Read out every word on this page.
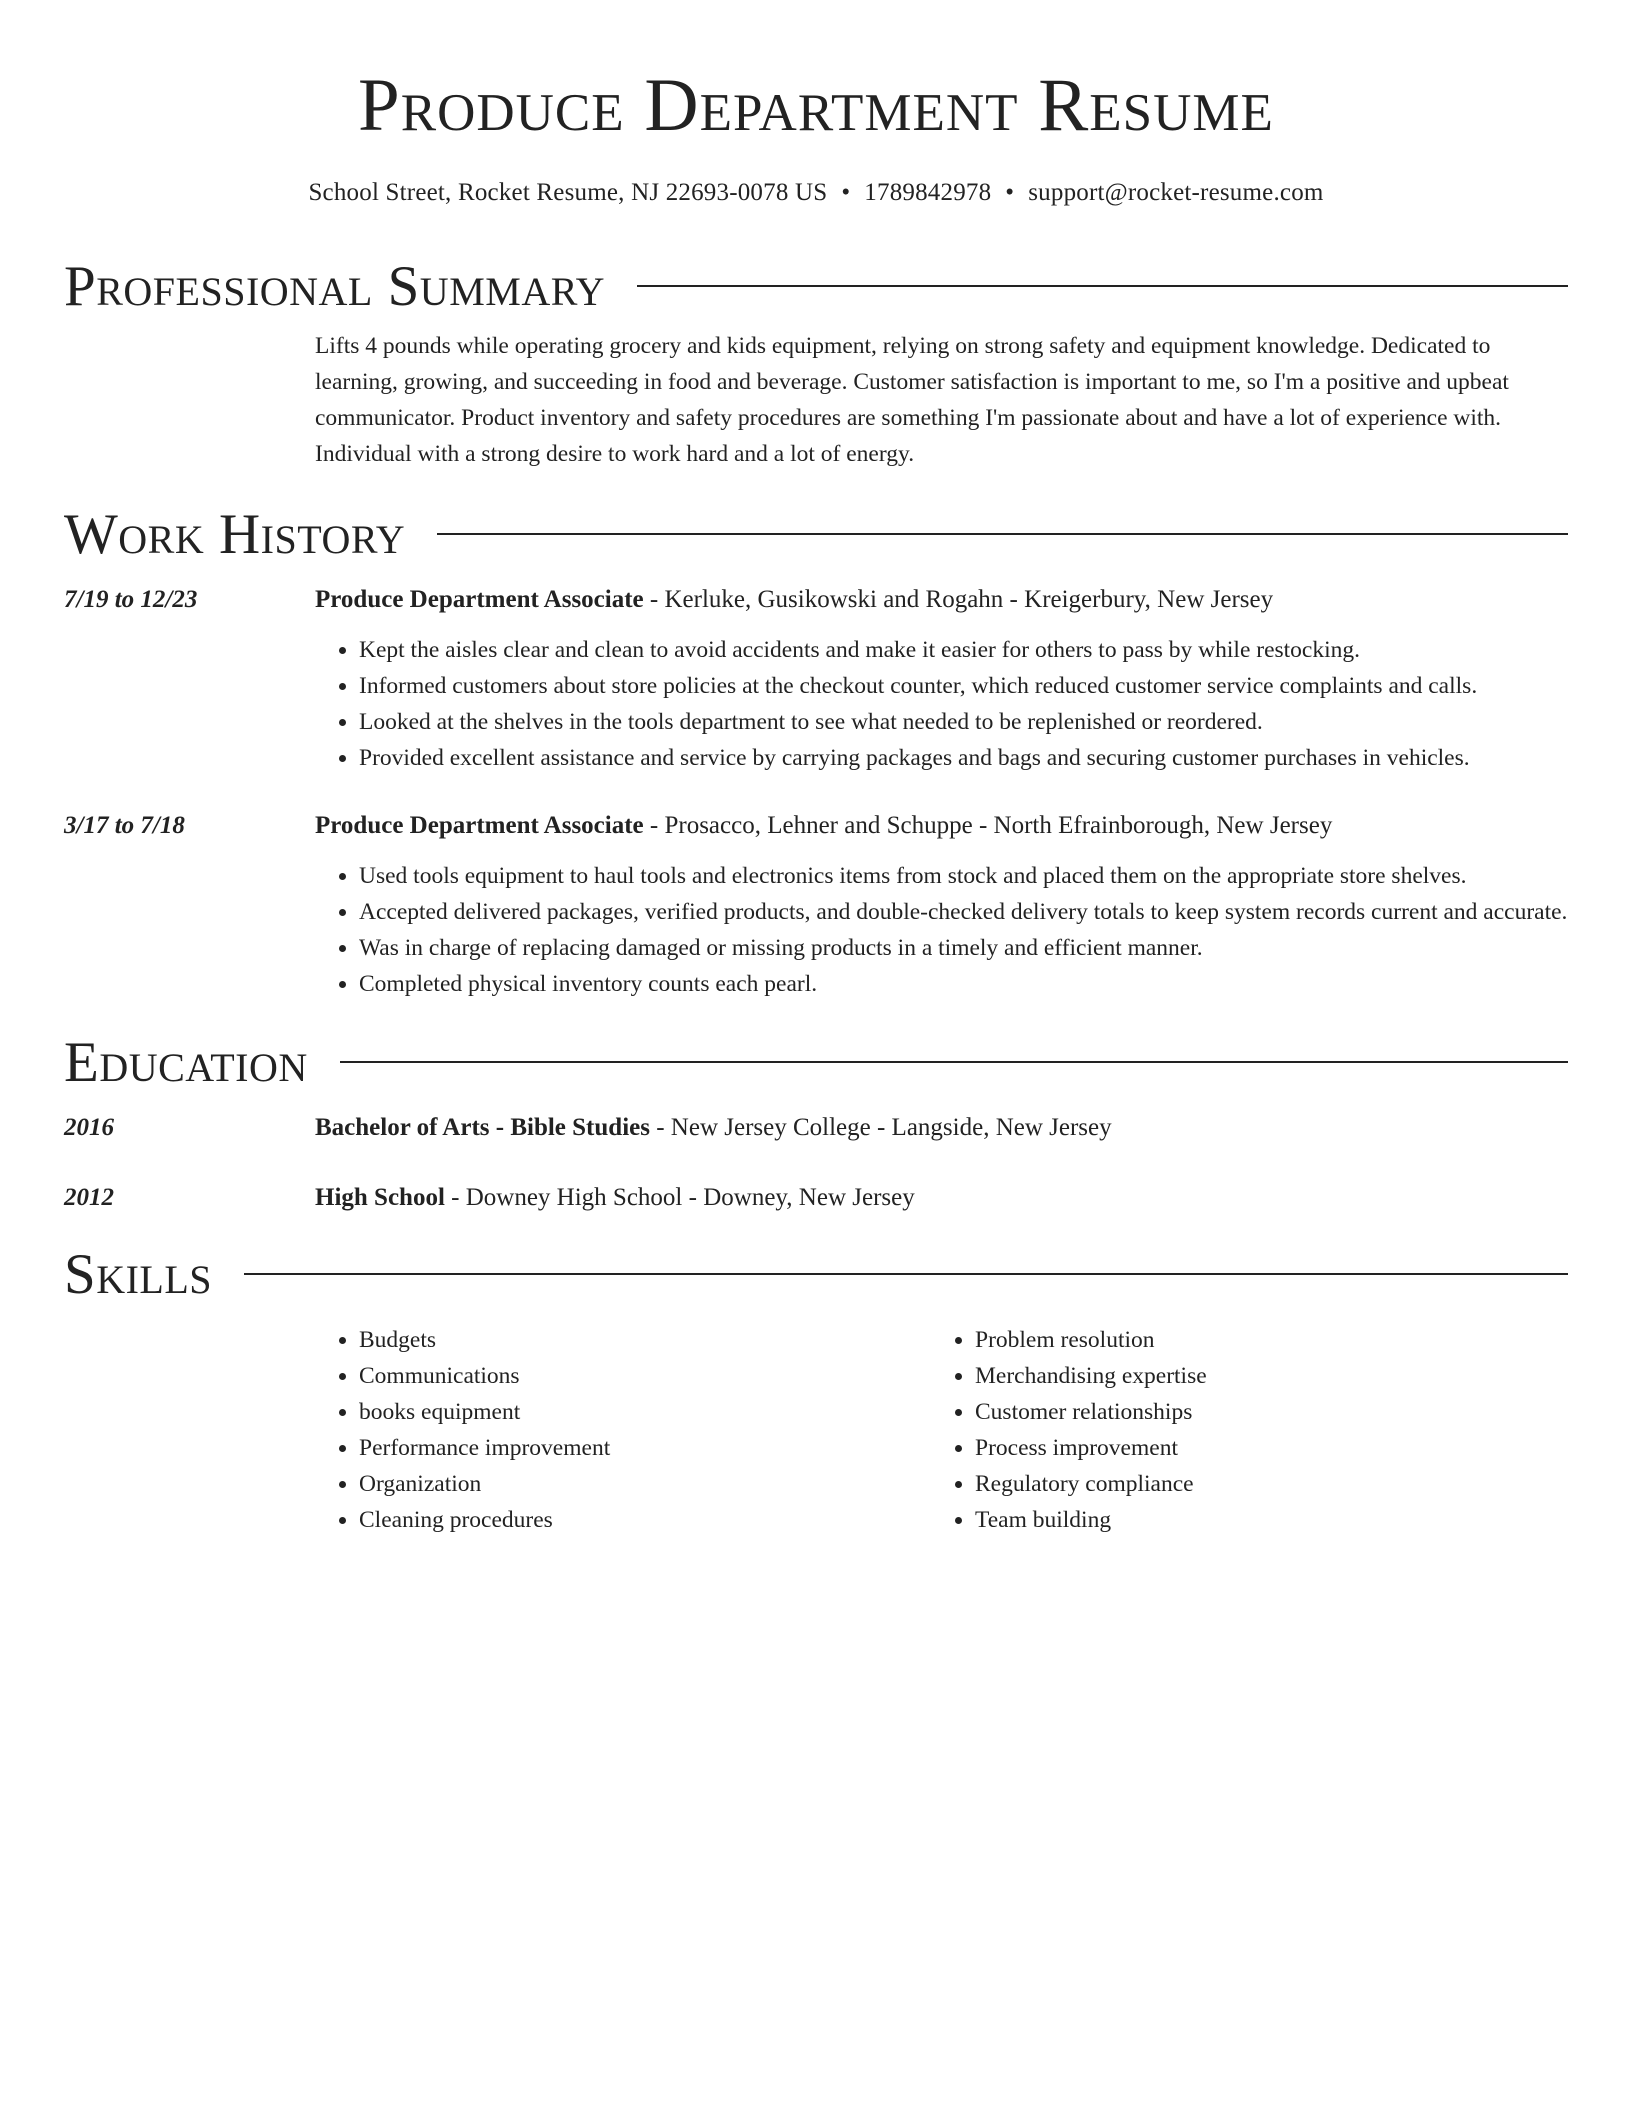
Produce Department Resume
School Street, Rocket Resume, NJ 22693-0078 US • 1789842978 • support@rocket-resume.com
Professional Summary
Lifts 4 pounds while operating grocery and kids equipment, relying on strong safety and equipment knowledge. Dedicated to learning, growing, and succeeding in food and beverage. Customer satisfaction is important to me, so I'm a positive and upbeat communicator. Product inventory and safety procedures are something I'm passionate about and have a lot of experience with. Individual with a strong desire to work hard and a lot of energy.
Work History
7/19 to 12/23	Produce Department Associate - Kerluke, Gusikowski and Rogahn - Kreigerbury, New Jersey
• Kept the aisles clear and clean to avoid accidents and make it easier for others to pass by while restocking.
• Informed customers about store policies at the checkout counter, which reduced customer service complaints and calls.
• Looked at the shelves in the tools department to see what needed to be replenished or reordered.
• Provided excellent assistance and service by carrying packages and bags and securing customer purchases in vehicles.
3/17 to 7/18	Produce Department Associate - Prosacco, Lehner and Schuppe - North Efrainborough, New Jersey
• Used tools equipment to haul tools and electronics items from stock and placed them on the appropriate store shelves.
• Accepted delivered packages, verified products, and double-checked delivery totals to keep system records current and accurate.
• Was in charge of replacing damaged or missing products in a timely and efficient manner.
• Completed physical inventory counts each pearl.
Education
2016	Bachelor of Arts - Bible Studies - New Jersey College - Langside, New Jersey
2012	High School - Downey High School - Downey, New Jersey
Skills
• Budgets
• Communications
• books equipment
• Performance improvement
• Organization
• Cleaning procedures
• Problem resolution
• Merchandising expertise
• Customer relationships
• Process improvement
• Regulatory compliance
• Team building
